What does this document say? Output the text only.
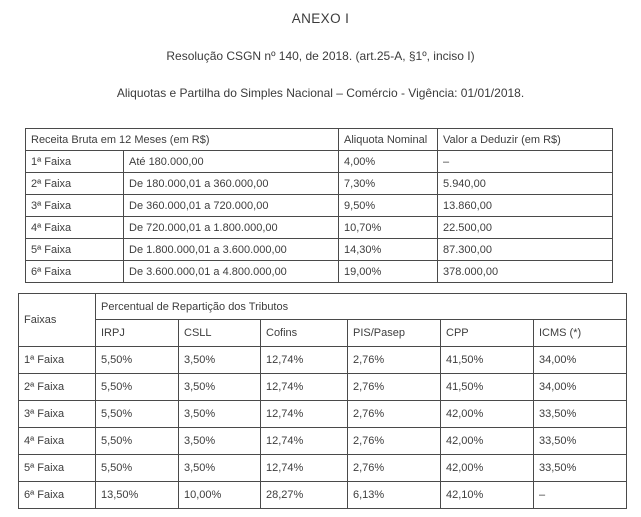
ANEXO I
Resolução CSGN nº 140, de 2018. (art.25-A, §1º, inciso I)
Aliquotas e Partilha do Simples Nacional – Comércio - Vigência: 01/01/2018.
Receita Bruta em 12 Meses (em R$)		Aliquota Nominal	Valor a Deduzir (em R$)
1ª Faixa	Até 180.000,00	4,00%	–
2ª Faixa	De 180.000,01 a 360.000,00	7,30%	5.940,00
3ª Faixa	De 360.000,01 a 720.000,00	9,50%	13.860,00
4ª Faixa	De 720.000,01 a 1.800.000,00	10,70%	22.500,00
5ª Faixa	De 1.800.000,01 a 3.600.000,00	14,30%	87.300,00
6ª Faixa	De 3.600.000,01 a 4.800.000,00	19,00%	378.000,00
Faixas	Percentual de Repartição dos Tributos					
	IRPJ	CSLL	Cofins	PIS/Pasep	CPP	ICMS (*)
1ª Faixa	5,50%	3,50%	12,74%	2,76%	41,50%	34,00%
2ª Faixa	5,50%	3,50%	12,74%	2,76%	41,50%	34,00%
3ª Faixa	5,50%	3,50%	12,74%	2,76%	42,00%	33,50%
4ª Faixa	5,50%	3,50%	12,74%	2,76%	42,00%	33,50%
5ª Faixa	5,50%	3,50%	12,74%	2,76%	42,00%	33,50%
6ª Faixa	13,50%	10,00%	28,27%	6,13%	42,10%	–
